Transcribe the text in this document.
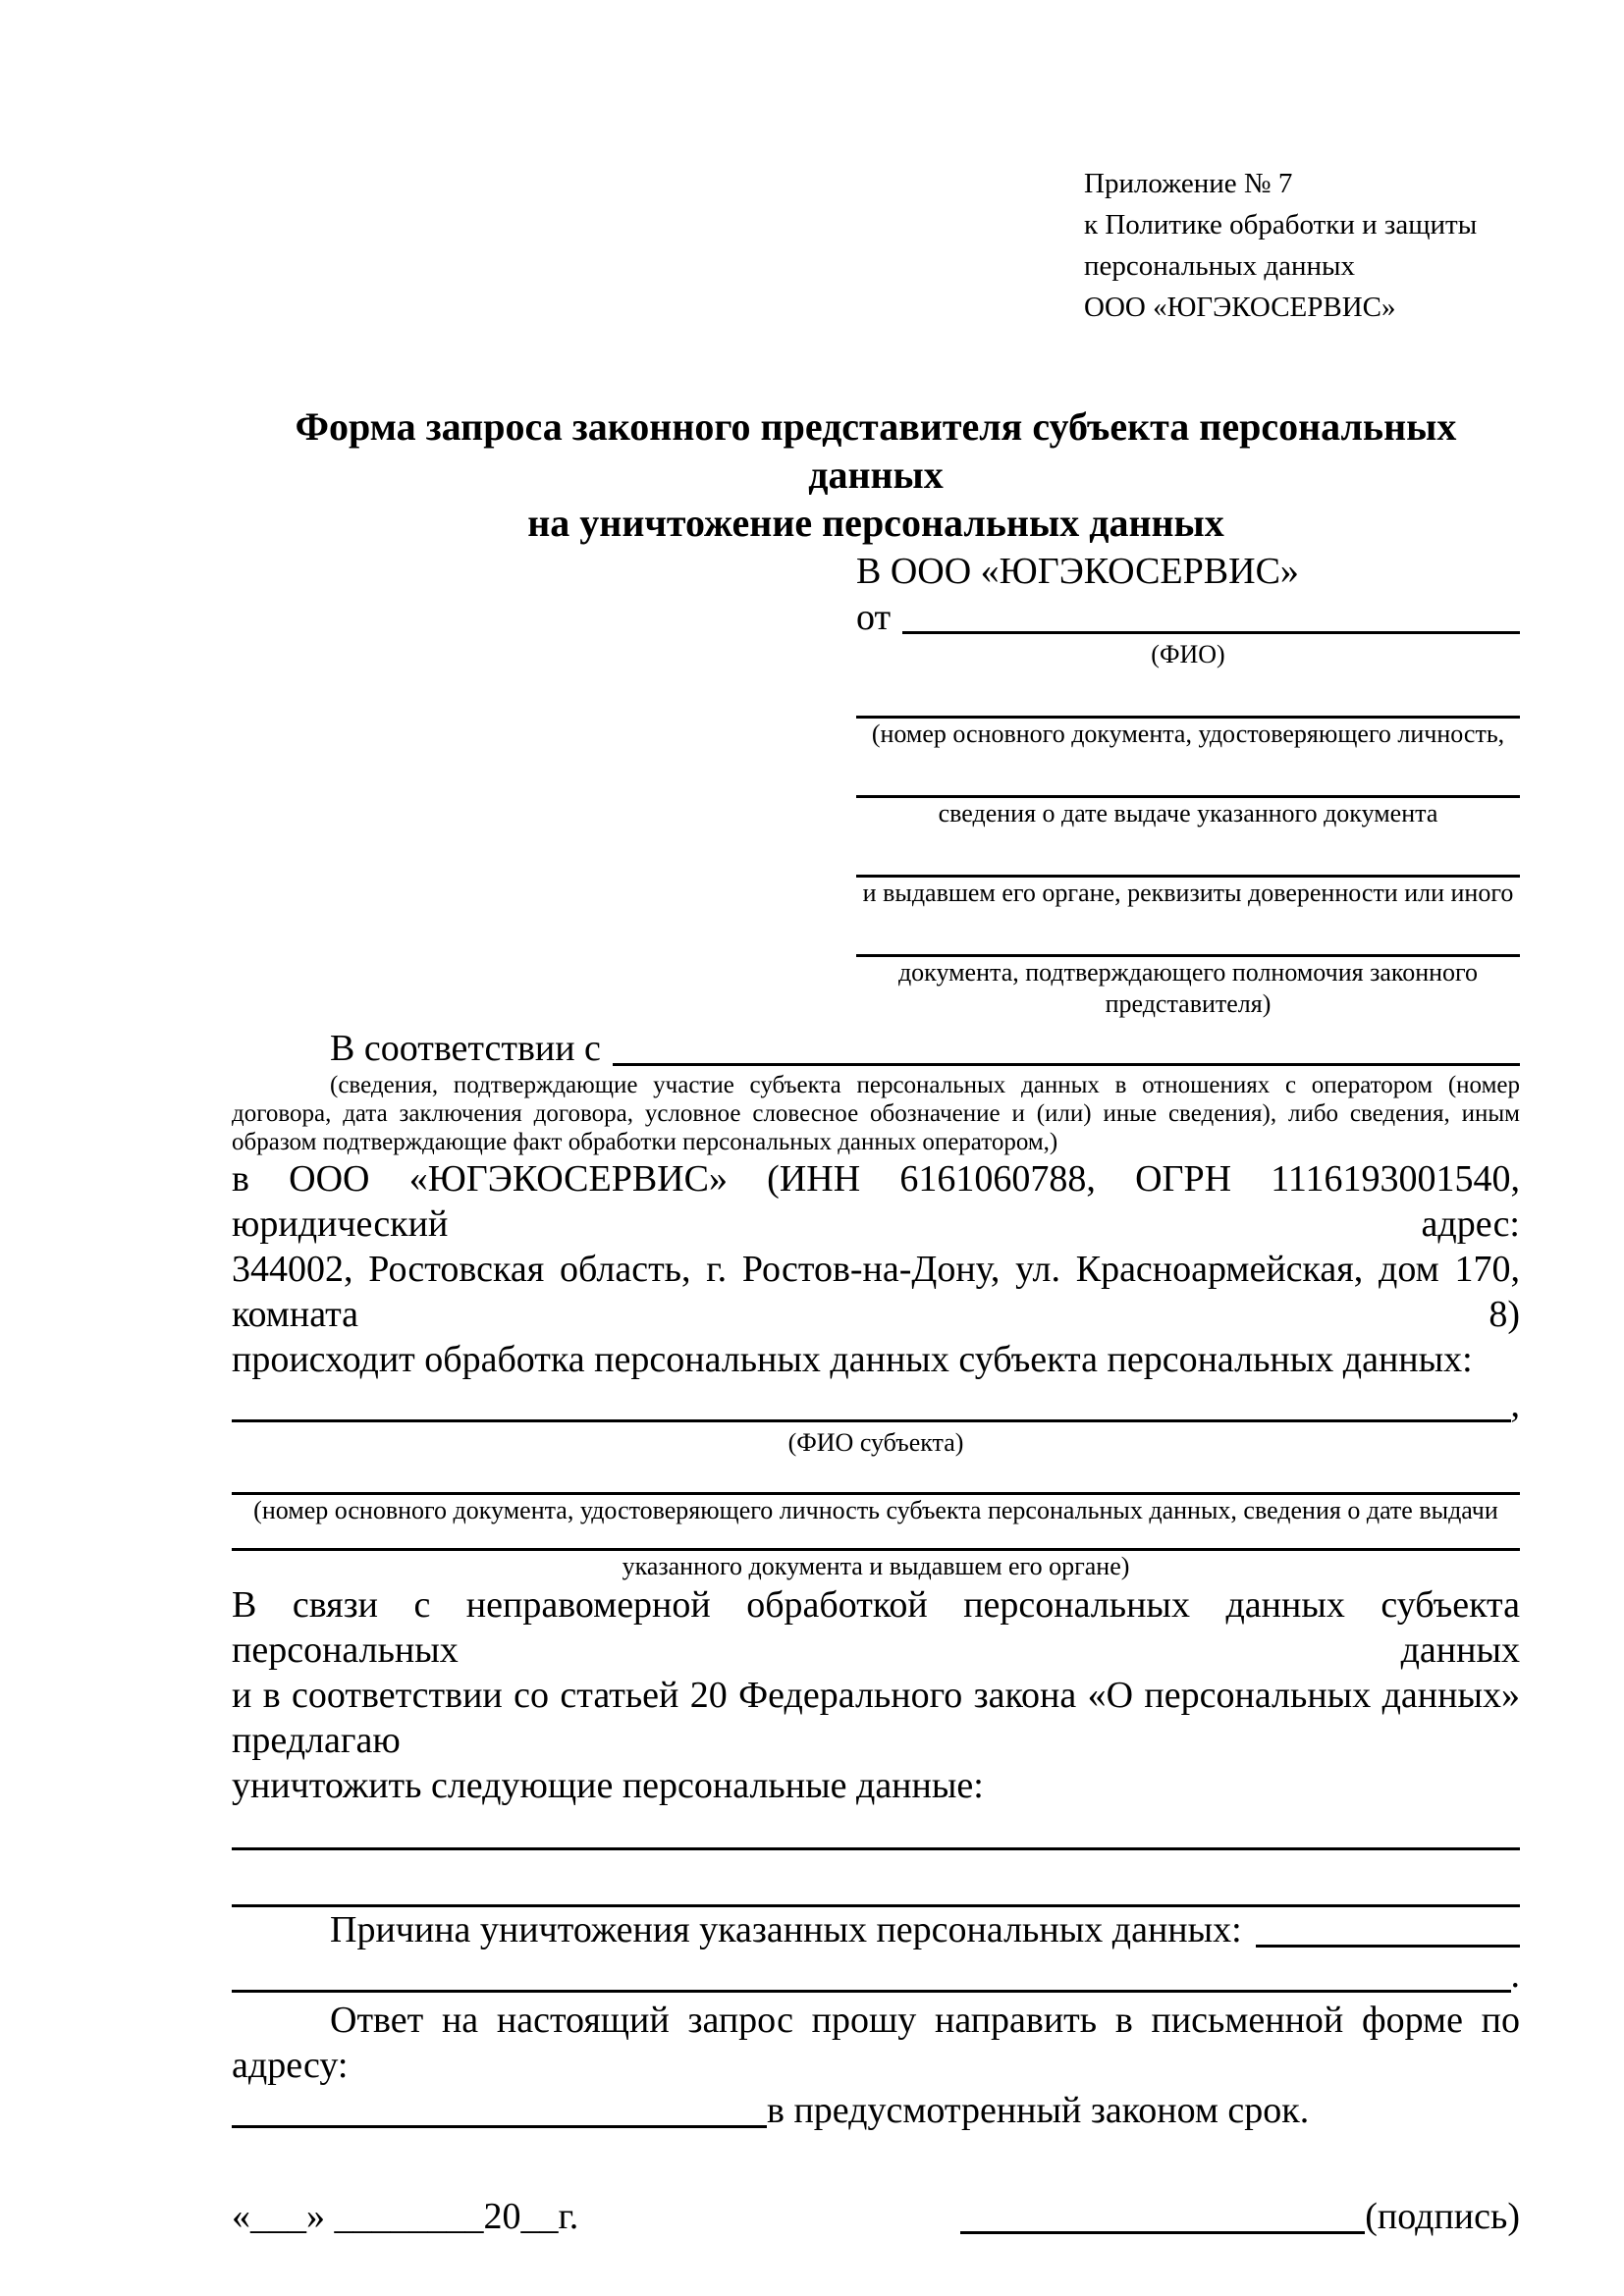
Приложение № 7
к Политике обработки и защиты
персональных данных
ООО «ЮГЭКОСЕРВИС»
Форма запроса законного представителя субъекта персональных данных
на уничтожение персональных данных
В ООО «ЮГЭКОСЕРВИС»
от
(ФИО)
(номер основного документа, удостоверяющего личность,
сведения о дате выдаче указанного документа
и выдавшем его органе, реквизиты доверенности или иного
документа, подтверждающего полномочия законного представителя)
В соответствии с
(сведения, подтверждающие участие субъекта персональных данных в отношениях с оператором (номер договора, дата заключения договора, условное словесное обозначение и (или) иные сведения), либо сведения, иным образом подтверждающие факт обработки персональных данных оператором,)
в ООО «ЮГЭКОСЕРВИС» (ИНН 6161060788, ОГРН 1116193001540, юридический адрес:
344002, Ростовская область, г. Ростов-на-Дону, ул. Красноармейская, дом 170, комната 8)
происходит обработка персональных данных субъекта персональных данных:
,
(ФИО субъекта)
(номер основного документа, удостоверяющего личность субъекта персональных данных, сведения о дате выдачи
указанного документа и выдавшем его органе)
В связи с неправомерной обработкой персональных данных субъекта персональных данных
и в соответствии со статьей 20 Федерального закона «О персональных данных» предлагаю
уничтожить следующие персональные данные:
Причина уничтожения указанных персональных данных:
.
Ответ на настоящий запрос прошу направить в письменной форме по адресу:
в предусмотренный законом срок.
«___» ________20__г.	(подпись)
